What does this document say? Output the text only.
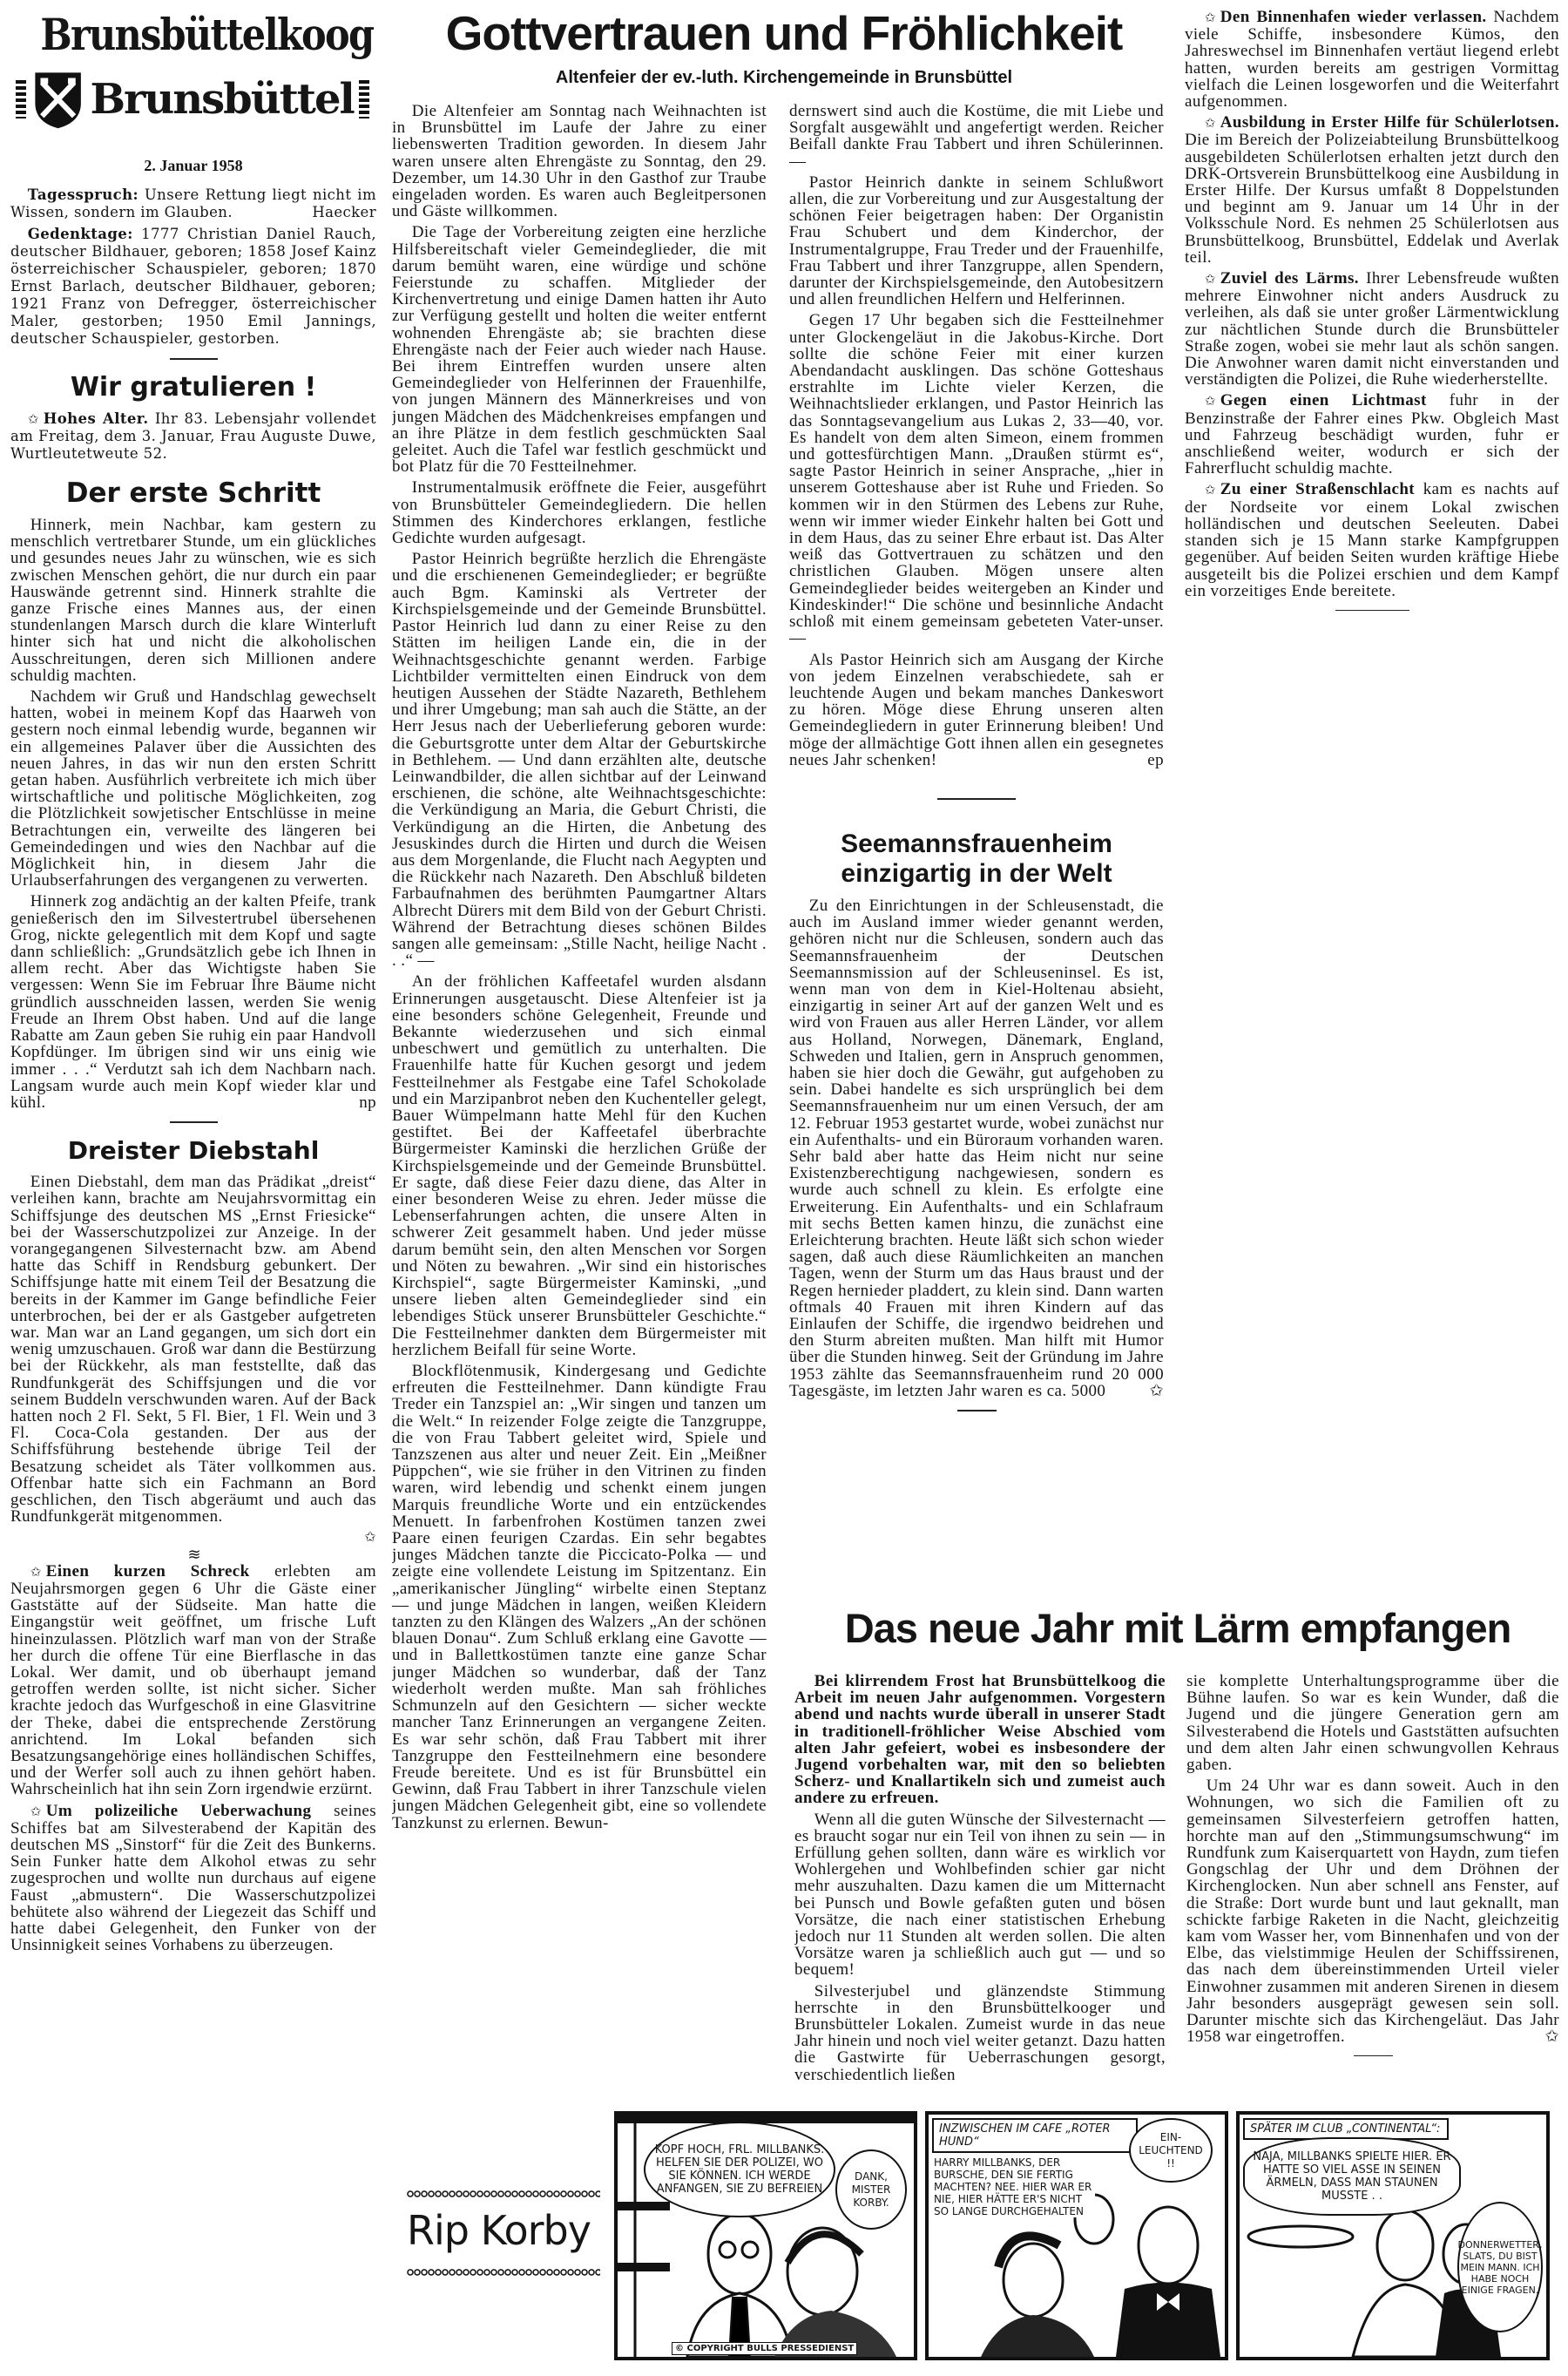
Brunsbüttelkoog
Brunsbüttel
2. Januar 1958

Tagesspruch: Unsere Rettung liegt nicht im Wissen, sondern im Glauben.	Haecker

Gedenktage: 1777 Christian Daniel Rauch, deutscher Bildhauer, geboren; 1858 Josef Kainz österreichischer Schauspieler, geboren; 1870 Ernst Barlach, deutscher Bildhauer, geboren; 1921 Franz von Defregger, österreichischer Maler, gestorben; 1950 Emil Jannings, deutscher Schauspieler, gestorben.

Wir gratulieren !

✩ Hohes Alter. Ihr 83. Lebensjahr vollendet am Freitag, dem 3. Januar, Frau Auguste Duwe, Wurtleutetweute 52.

Der erste Schritt

Hinnerk, mein Nachbar, kam gestern zu menschlich vertretbarer Stunde, um ein glückliches und gesundes neues Jahr zu wünschen, wie es sich zwischen Menschen gehört, die nur durch ein paar Hauswände getrennt sind. Hinnerk strahlte die ganze Frische eines Mannes aus, der einen stundenlangen Marsch durch die klare Winterluft hinter sich hat und nicht die alkoholischen Ausschreitungen, deren sich Millionen andere schuldig machten.

Nachdem wir Gruß und Handschlag gewechselt hatten, wobei in meinem Kopf das Haarweh von gestern noch einmal lebendig wurde, begannen wir ein allgemeines Palaver über die Aussichten des neuen Jahres, in das wir nun den ersten Schritt getan haben. Ausführlich verbreitete ich mich über wirtschaftliche und politische Möglichkeiten, zog die Plötzlichkeit sowjetischer Entschlüsse in meine Betrachtungen ein, verweilte des längeren bei Gemeindedingen und wies den Nachbar auf die Möglichkeit hin, in diesem Jahr die Urlaubserfahrungen des vergangenen zu verwerten.

Hinnerk zog andächtig an der kalten Pfeife, trank genießerisch den im Silvestertrubel übersehenen Grog, nickte gelegentlich mit dem Kopf und sagte dann schließlich: „Grundsätzlich gebe ich Ihnen in allem recht. Aber das Wichtigste haben Sie vergessen: Wenn Sie im Februar Ihre Bäume nicht gründlich ausschneiden lassen, werden Sie wenig Freude an Ihrem Obst haben. Und auf die lange Rabatte am Zaun geben Sie ruhig ein paar Handvoll Kopfdünger. Im übrigen sind wir uns einig wie immer . . .“ Verdutzt sah ich dem Nachbarn nach. Langsam wurde auch mein Kopf wieder klar und kühl.	np

Dreister Diebstahl

Einen Diebstahl, dem man das Prädikat „dreist“ verleihen kann, brachte am Neujahrsvormittag ein Schiffsjunge des deutschen MS „Ernst Friesicke“ bei der Wasserschutzpolizei zur Anzeige. In der vorangegangenen Silvesternacht bzw. am Abend hatte das Schiff in Rendsburg gebunkert. Der Schiffsjunge hatte mit einem Teil der Besatzung die bereits in der Kammer im Gange befindliche Feier unterbrochen, bei der er als Gastgeber aufgetreten war. Man war an Land gegangen, um sich dort ein wenig umzuschauen. Groß war dann die Bestürzung bei der Rückkehr, als man feststellte, daß das Rundfunkgerät des Schiffsjungen und die vor seinem Buddeln verschwunden waren. Auf der Back hatten noch 2 Fl. Sekt, 5 Fl. Bier, 1 Fl. Wein und 3 Fl. Coca-Cola gestanden. Der aus der Schiffsführung bestehende übrige Teil der Besatzung scheidet als Täter vollkommen aus. Offenbar hatte sich ein Fachmann an Bord geschlichen, den Tisch abgeräumt und auch das Rundfunkgerät mitgenommen.

✩
≋

✩ Einen kurzen Schreck erlebten am Neujahrsmorgen gegen 6 Uhr die Gäste einer Gaststätte auf der Südseite. Man hatte die Eingangstür weit geöffnet, um frische Luft hineinzulassen. Plötzlich warf man von der Straße her durch die offene Tür eine Bierflasche in das Lokal. Wer damit, und ob überhaupt jemand getroffen werden sollte, ist nicht sicher. Sicher krachte jedoch das Wurfgeschoß in eine Glasvitrine der Theke, dabei die entsprechende Zerstörung anrichtend. Im Lokal befanden sich Besatzungsangehörige eines holländischen Schiffes, und der Werfer soll auch zu ihnen gehört haben. Wahrscheinlich hat ihn sein Zorn irgendwie erzürnt.

✩ Um polizeiliche Ueberwachung seines Schiffes bat am Silvesterabend der Kapitän des deutschen MS „Sinstorf“ für die Zeit des Bunkerns. Sein Funker hatte dem Alkohol etwas zu sehr zugesprochen und wollte nun durchaus auf eigene Faust „abmustern“. Die Wasserschutzpolizei behütete also während der Liegezeit das Schiff und hatte dabei Gelegenheit, den Funker von der Unsinnigkeit seines Vorhabens zu überzeugen.

Gottvertrauen und Fröhlichkeit
Altenfeier der ev.-luth. Kirchengemeinde in Brunsbüttel

Die Altenfeier am Sonntag nach Weihnachten ist in Brunsbüttel im Laufe der Jahre zu einer liebenswerten Tradition geworden. In diesem Jahr waren unsere alten Ehrengäste zu Sonntag, den 29. Dezember, um 14.30 Uhr in den Gasthof zur Traube eingeladen worden. Es waren auch Begleitpersonen und Gäste willkommen.

Die Tage der Vorbereitung zeigten eine herzliche Hilfsbereitschaft vieler Gemeindeglieder, die mit darum bemüht waren, eine würdige und schöne Feierstunde zu schaffen. Mitglieder der Kirchenvertretung und einige Damen hatten ihr Auto zur Verfügung gestellt und holten die weiter entfernt wohnenden Ehrengäste ab; sie brachten diese Ehrengäste nach der Feier auch wieder nach Hause. Bei ihrem Eintreffen wurden unsere alten Gemeindeglieder von Helferinnen der Frauenhilfe, von jungen Männern des Männerkreises und von jungen Mädchen des Mädchenkreises empfangen und an ihre Plätze in dem festlich geschmückten Saal geleitet. Auch die Tafel war festlich geschmückt und bot Platz für die 70 Festteilnehmer.

Instrumentalmusik eröffnete die Feier, ausgeführt von Brunsbütteler Gemeindegliedern. Die hellen Stimmen des Kinderchores erklangen, festliche Gedichte wurden aufgesagt.

Pastor Heinrich begrüßte herzlich die Ehrengäste und die erschienenen Gemeindeglieder; er begrüßte auch Bgm. Kaminski als Vertreter der Kirchspielsgemeinde und der Gemeinde Brunsbüttel. Pastor Heinrich lud dann zu einer Reise zu den Stätten im heiligen Lande ein, die in der Weihnachtsgeschichte genannt werden. Farbige Lichtbilder vermittelten einen Eindruck von dem heutigen Aussehen der Städte Nazareth, Bethlehem und ihrer Umgebung; man sah auch die Stätte, an der Herr Jesus nach der Ueberlieferung geboren wurde: die Geburtsgrotte unter dem Altar der Geburtskirche in Bethlehem. — Und dann erzählten alte, deutsche Leinwandbilder, die allen sichtbar auf der Leinwand erschienen, die schöne, alte Weihnachtsgeschichte: die Verkündigung an Maria, die Geburt Christi, die Verkündigung an die Hirten, die Anbetung des Jesuskindes durch die Hirten und durch die Weisen aus dem Morgenlande, die Flucht nach Aegypten und die Rückkehr nach Nazareth. Den Abschluß bildeten Farbaufnahmen des berühmten Paumgartner Altars Albrecht Dürers mit dem Bild von der Geburt Christi. Während der Betrachtung dieses schönen Bildes sangen alle gemeinsam: „Stille Nacht, heilige Nacht . . .“ —

An der fröhlichen Kaffeetafel wurden alsdann Erinnerungen ausgetauscht. Diese Altenfeier ist ja eine besonders schöne Gelegenheit, Freunde und Bekannte wiederzusehen und sich einmal unbeschwert und gemütlich zu unterhalten. Die Frauenhilfe hatte für Kuchen gesorgt und jedem Festteilnehmer als Festgabe eine Tafel Schokolade und ein Marzipanbrot neben den Kuchenteller gelegt, Bauer Wümpelmann hatte Mehl für den Kuchen gestiftet. Bei der Kaffeetafel überbrachte Bürgermeister Kaminski die herzlichen Grüße der Kirchspielsgemeinde und der Gemeinde Brunsbüttel. Er sagte, daß diese Feier dazu diene, das Alter in einer besonderen Weise zu ehren. Jeder müsse die Lebenserfahrungen achten, die unsere Alten in schwerer Zeit gesammelt haben. Und jeder müsse darum bemüht sein, den alten Menschen vor Sorgen und Nöten zu bewahren. „Wir sind ein historisches Kirchspiel“, sagte Bürgermeister Kaminski, „und unsere lieben alten Gemeindeglieder sind ein lebendiges Stück unserer Brunsbütteler Geschichte.“ Die Festteilnehmer dankten dem Bürgermeister mit herzlichem Beifall für seine Worte.

Blockflötenmusik, Kindergesang und Gedichte erfreuten die Festteilnehmer. Dann kündigte Frau Treder ein Tanzspiel an: „Wir singen und tanzen um die Welt.“ In reizender Folge zeigte die Tanzgruppe, die von Frau Tabbert geleitet wird, Spiele und Tanzszenen aus alter und neuer Zeit. Ein „Meißner Püppchen“, wie sie früher in den Vitrinen zu finden waren, wird lebendig und schenkt einem jungen Marquis freundliche Worte und ein entzückendes Menuett. In farbenfrohen Kostümen tanzen zwei Paare einen feurigen Czardas. Ein sehr begabtes junges Mädchen tanzte die Piccicato-Polka — und zeigte eine vollendete Leistung im Spitzentanz. Ein „amerikanischer Jüngling“ wirbelte einen Steptanz — und junge Mädchen in langen, weißen Kleidern tanzten zu den Klängen des Walzers „An der schönen blauen Donau“. Zum Schluß erklang eine Gavotte — und in Ballettkostümen tanzte eine ganze Schar junger Mädchen so wunderbar, daß der Tanz wiederholt werden mußte. Man sah fröhliches Schmunzeln auf den Gesichtern — sicher weckte mancher Tanz Erinnerungen an vergangene Zeiten. Es war sehr schön, daß Frau Tabbert mit ihrer Tanzgruppe den Festteilnehmern eine besondere Freude bereitete. Und es ist für Brunsbüttel ein Gewinn, daß Frau Tabbert in ihrer Tanzschule vielen jungen Mädchen Gelegenheit gibt, eine so vollendete Tanzkunst zu erlernen. Bewun-

dernswert sind auch die Kostüme, die mit Liebe und Sorgfalt ausgewählt und angefertigt werden. Reicher Beifall dankte Frau Tabbert und ihren Schülerinnen. —

Pastor Heinrich dankte in seinem Schlußwort allen, die zur Vorbereitung und zur Ausgestaltung der schönen Feier beigetragen haben: Der Organistin Frau Schubert und dem Kinderchor, der Instrumentalgruppe, Frau Treder und der Frauenhilfe, Frau Tabbert und ihrer Tanzgruppe, allen Spendern, darunter der Kirchspielsgemeinde, den Autobesitzern und allen freundlichen Helfern und Helferinnen.

Gegen 17 Uhr begaben sich die Festteilnehmer unter Glockengeläut in die Jakobus-Kirche. Dort sollte die schöne Feier mit einer kurzen Abendandacht ausklingen. Das schöne Gotteshaus erstrahlte im Lichte vieler Kerzen, die Weihnachtslieder erklangen, und Pastor Heinrich las das Sonntagsevangelium aus Lukas 2, 33—40, vor. Es handelt von dem alten Simeon, einem frommen und gottesfürchtigen Mann. „Draußen stürmt es“, sagte Pastor Heinrich in seiner Ansprache, „hier in unserem Gotteshause aber ist Ruhe und Frieden. So kommen wir in den Stürmen des Lebens zur Ruhe, wenn wir immer wieder Einkehr halten bei Gott und in dem Haus, das zu seiner Ehre erbaut ist. Das Alter weiß das Gottvertrauen zu schätzen und den christlichen Glauben. Mögen unsere alten Gemeindeglieder beides weitergeben an Kinder und Kindeskinder!“ Die schöne und besinnliche Andacht schloß mit einem gemeinsam gebeteten Vater-unser. —

Als Pastor Heinrich sich am Ausgang der Kirche von jedem Einzelnen verabschiedete, sah er leuchtende Augen und bekam manches Dankeswort zu hören. Möge diese Ehrung unseren alten Gemeindegliedern in guter Erinnerung bleiben! Und möge der allmächtige Gott ihnen allen ein gesegnetes neues Jahr schenken!	ep

Seemannsfrauenheim
einzigartig in der Welt

Zu den Einrichtungen in der Schleusenstadt, die auch im Ausland immer wieder genannt werden, gehören nicht nur die Schleusen, sondern auch das Seemannsfrauenheim der Deutschen Seemannsmission auf der Schleuseninsel. Es ist, wenn man von dem in Kiel-Holtenau absieht, einzigartig in seiner Art auf der ganzen Welt und es wird von Frauen aus aller Herren Länder, vor allem aus Holland, Norwegen, Dänemark, England, Schweden und Italien, gern in Anspruch genommen, haben sie hier doch die Gewähr, gut aufgehoben zu sein. Dabei handelte es sich ursprünglich bei dem Seemannsfrauenheim nur um einen Versuch, der am 12. Februar 1953 gestartet wurde, wobei zunächst nur ein Aufenthalts- und ein Büroraum vorhanden waren. Sehr bald aber hatte das Heim nicht nur seine Existenzberechtigung nachgewiesen, sondern es wurde auch schnell zu klein. Es erfolgte eine Erweiterung. Ein Aufenthalts- und ein Schlafraum mit sechs Betten kamen hinzu, die zunächst eine Erleichterung brachten. Heute läßt sich schon wieder sagen, daß auch diese Räumlichkeiten an manchen Tagen, wenn der Sturm um das Haus braust und der Regen hernieder pladdert, zu klein sind. Dann warten oftmals 40 Frauen mit ihren Kindern auf das Einlaufen der Schiffe, die irgendwo beidrehen und den Sturm abreiten mußten. Man hilft mit Humor über die Stunden hinweg. Seit der Gründung im Jahre 1953 zählte das Seemannsfrauenheim rund 20 000 Tagesgäste, im letzten Jahr waren es ca. 5000	✩

✩ Den Binnenhafen wieder verlassen. Nachdem viele Schiffe, insbesondere Kümos, den Jahreswechsel im Binnenhafen vertäut liegend erlebt hatten, wurden bereits am gestrigen Vormittag vielfach die Leinen losgeworfen und die Weiterfahrt aufgenommen.

✩ Ausbildung in Erster Hilfe für Schülerlotsen. Die im Bereich der Polizeiabteilung Brunsbüttelkoog ausgebildeten Schülerlotsen erhalten jetzt durch den DRK-Ortsverein Brunsbüttelkoog eine Ausbildung in Erster Hilfe. Der Kursus umfaßt 8 Doppelstunden und beginnt am 9. Januar um 14 Uhr in der Volksschule Nord. Es nehmen 25 Schülerlotsen aus Brunsbüttelkoog, Brunsbüttel, Eddelak und Averlak teil.

✩ Zuviel des Lärms. Ihrer Lebensfreude wußten mehrere Einwohner nicht anders Ausdruck zu verleihen, als daß sie unter großer Lärmentwicklung zur nächtlichen Stunde durch die Brunsbütteler Straße zogen, wobei sie mehr laut als schön sangen. Die Anwohner waren damit nicht einverstanden und verständigten die Polizei, die Ruhe wiederherstellte.

✩ Gegen einen Lichtmast fuhr in der Benzinstraße der Fahrer eines Pkw. Obgleich Mast und Fahrzeug beschädigt wurden, fuhr er anschließend weiter, wodurch er sich der Fahrerflucht schuldig machte.

✩ Zu einer Straßenschlacht kam es nachts auf der Nordseite vor einem Lokal zwischen holländischen und deutschen Seeleuten. Dabei standen sich je 15 Mann starke Kampfgruppen gegenüber. Auf beiden Seiten wurden kräftige Hiebe ausgeteilt bis die Polizei erschien und dem Kampf ein vorzeitiges Ende bereitete.

Das neue Jahr mit Lärm empfangen

Bei klirrendem Frost hat Brunsbüttelkoog die Arbeit im neuen Jahr aufgenommen. Vorgestern abend und nachts wurde überall in unserer Stadt in traditionell-fröhlicher Weise Abschied vom alten Jahr gefeiert, wobei es insbesondere der Jugend vorbehalten war, mit den so beliebten Scherz- und Knallartikeln sich und zumeist auch andere zu erfreuen.

Wenn all die guten Wünsche der Silvesternacht — es braucht sogar nur ein Teil von ihnen zu sein — in Erfüllung gehen sollten, dann wäre es wirklich vor Wohlergehen und Wohlbefinden schier gar nicht mehr auszuhalten. Dazu kamen die um Mitternacht bei Punsch und Bowle gefaßten guten und bösen Vorsätze, die nach einer statistischen Erhebung jedoch nur 11 Stunden alt werden sollen. Die alten Vorsätze waren ja schließlich auch gut — und so bequem!

Silvesterjubel und glänzendste Stimmung herrschte in den Brunsbüttelkooger und Brunsbütteler Lokalen. Zumeist wurde in das neue Jahr hinein und noch viel weiter getanzt. Dazu hatten die Gastwirte für Ueberraschungen gesorgt, verschiedentlich ließen

sie komplette Unterhaltungsprogramme über die Bühne laufen. So war es kein Wunder, daß die Jugend und die jüngere Generation gern am Silvesterabend die Hotels und Gaststätten aufsuchten und dem alten Jahr einen schwungvollen Kehraus gaben.

Um 24 Uhr war es dann soweit. Auch in den Wohnungen, wo sich die Familien oft zu gemeinsamen Silvesterfeiern getroffen hatten, horchte man auf den „Stimmungsumschwung“ im Rundfunk zum Kaiserquartett von Haydn, zum tiefen Gongschlag der Uhr und dem Dröhnen der Kirchenglocken. Nun aber schnell ans Fenster, auf die Straße: Dort wurde bunt und laut geknallt, man schickte farbige Raketen in die Nacht, gleichzeitig kam vom Wasser her, vom Binnenhafen und von der Elbe, das vielstimmige Heulen der Schiffssirenen, das nach dem übereinstimmenden Urteil vieler Einwohner zusammen mit anderen Sirenen in diesem Jahr besonders ausgeprägt gewesen sein soll. Darunter mischte sich das Kirchengeläut. Das Jahr 1958 war eingetroffen.	✩

Rip Korby
KOPF HOCH, FRL. MILLBANKS. HELFEN SIE DER POLIZEI, WO SIE KÖNNEN. ICH WERDE ANFANGEN, SIE ZU BEFREIEN
DANK, MISTER KORBY.
© COPYRIGHT BULLS PRESSEDIENST
INZWISCHEN IM CAFE „ROTER HUND“	EIN-LEUCHTEND !!
HARRY MILLBANKS, DER BURSCHE, DEN SIE FERTIG MACHTEN? NEE. HIER WAR ER NIE, HIER HÄTTE ER'S NICHT SO LANGE DURCHGEHALTEN
SPÄTER IM CLUB „CONTINENTAL“:
NAJA, MILLBANKS SPIELTE HIER. ER HATTE SO VIEL ASSE IN SEINEN ÄRMELN, DASS MAN STAUNEN MUSSTE . .
DONNERWETTER, SLATS, DU BIST MEIN MANN. ICH HABE NOCH EINIGE FRAGEN.
